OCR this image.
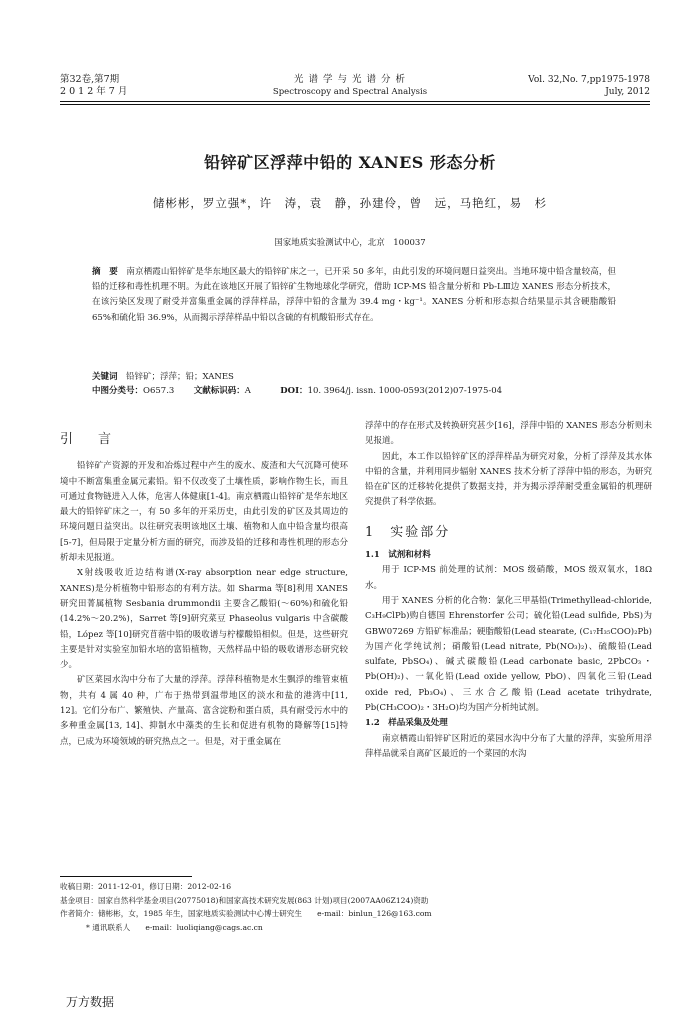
第32卷,第7期
2 0 1 2 年 7 月
光 谱 学 与 光 谱 分 析
Spectroscopy and Spectral Analysis
Vol. 32,No. 7,pp1975-1978
July, 2012
铅锌矿区浮萍中铅的 XANES 形态分析
储彬彬，罗立强*，许　涛，袁　静，孙建伶，曾　远，马艳红，易　杉
国家地质实验测试中心，北京　100037
摘　要　 南京栖霞山铅锌矿是华东地区最大的铅锌矿床之一，已开采 50 多年，由此引发的环境问题日益突出。当地环境中铅含量较高，但铅的迁移和毒性机理不明。为此在该地区开展了铅锌矿生物地球化学研究，借助 ICP-MS 铅含量分析和 Pb-LⅢ边 XANES 形态分析技术，在该污染区发现了耐受并富集重金属的浮萍样品，浮萍中铅的含量为 39.4 mg・kg⁻¹。XANES 分析和形态拟合结果显示其含硬脂酸铅 65%和硫化铅 36.9%，从而揭示浮萍样品中铅以含硫的有机酸铅形式存在。
关键词　 铅锌矿；浮萍；铅；XANES
中图分类号：O657.3 文献标识码：A	DOI：10. 3964/j. issn. 1000-0593(2012)07-1975-04
引　言

铅锌矿产资源的开发和冶炼过程中产生的废水、废渣和大气沉降可使环境中不断富集重金属元素铅。铅不仅改变了土壤性质，影响作物生长，而且可通过食物链进入人体，危害人体健康[1-4]。南京栖霞山铅锌矿是华东地区最大的铅锌矿床之一，有 50 多年的开采历史，由此引发的矿区及其周边的环境问题日益突出。以往研究表明该地区土壤、植物和人血中铅含量均很高[5-7]，但局限于定量分析方面的研究，而涉及铅的迁移和毒性机理的形态分析却未见报道。

X射线吸收近边结构谱(X-ray absorption near edge structure, XANES)是分析植物中铅形态的有利方法。如 Sharma 等[8]利用 XANES 研究田菁属植物 Sesbania drummondii 主要含乙酸铅(～60%)和硫化铅(14.2%～20.2%)，Sarret 等[9]研究菜豆 Phaseolus vulgaris 中含碳酸铅，López 等[10]研究苜蓿中铅的吸收谱与柠檬酸铅相似。但是，这些研究主要是针对实验室加铅水培的富铅植物，天然样品中铅的吸收谱形态研究较少。

矿区菜园水沟中分布了大量的浮萍。浮萍科植物是水生飘浮的维管束植物，共有 4 属 40 种，广布于热带到温带地区的淡水和盐的港湾中[11, 12]。它们分布广、繁殖快、产量高、富含淀粉和蛋白质，具有耐受污水中的多种重金属[13, 14]、抑制水中藻类的生长和促进有机物的降解等[15]特点，已成为环境领域的研究热点之一。但是，对于重金属在

浮萍中的存在形式及转换研究甚少[16]，浮萍中铅的 XANES 形态分析则未见报道。

因此，本工作以铅锌矿区的浮萍样品为研究对象，分析了浮萍及其水体中铅的含量，并利用同步辐射 XANES 技术分析了浮萍中铅的形态，为研究铅在矿区的迁移转化提供了数据支持，并为揭示浮萍耐受重金属铅的机理研究提供了科学依据。

1　实验部分

1.1　试剂和材料

用于 ICP-MS 前处理的试剂：MOS 级硝酸，MOS 级双氧水，18Ω 水。

用于 XANES 分析的化合物：氯化三甲基铅(Trimethyllead-chloride, C₃H₉ClPb)购自德国 Ehrenstorfer 公司；硫化铅(Lead sulfide, PbS)为 GBW07269 方铅矿标准品；硬脂酸铅(Lead stearate, (C₁₇H₃₅COO)₂Pb)为国产化学纯试剂；硝酸铅(Lead nitrate, Pb(NO₃)₂)、硫酸铅(Lead sulfate, PbSO₄)、碱式碳酸铅(Lead carbonate basic, 2PbCO₃・Pb(OH)₂)、一氧化铅(Lead oxide yellow, PbO)、四氧化三铅(Lead oxide red, Pb₃O₄)、三水合乙酸铅(Lead acetate trihydrate, Pb(CH₃COO)₂・3H₂O)均为国产分析纯试剂。

1.2　样品采集及处理

南京栖霞山铅锌矿区附近的菜园水沟中分布了大量的浮萍，实验所用浮萍样品就采自离矿区最近的一个菜园的水沟

收稿日期：2011-12-01，修订日期：2012-02-16
基金项目：国家自然科学基金项目(20775018)和国家高技术研究发展(863 计划)项目(2007AA06Z124)资助
作者简介：储彬彬，女，1985 年生，国家地质实验测试中心博士研究生　　e-mail：binlun_126@163.com
* 通讯联系人　　e-mail：luoliqiang@cags.ac.cn
万方数据
